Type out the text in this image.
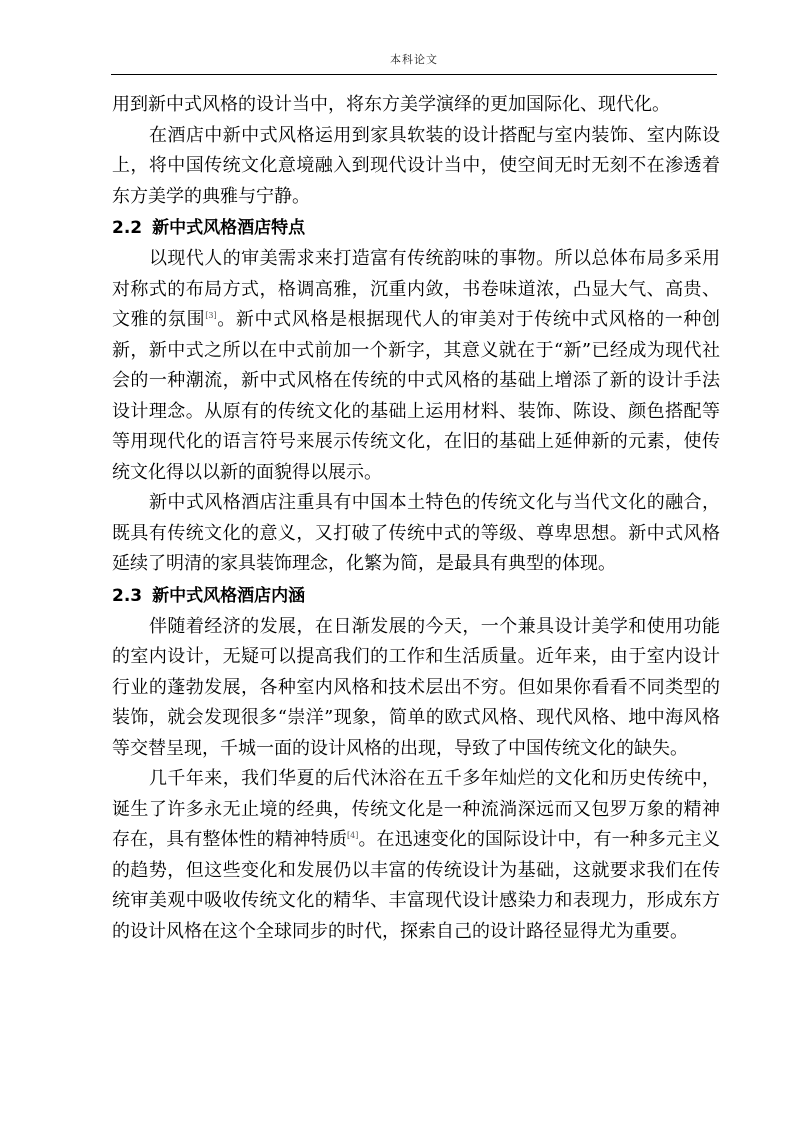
本科论文

用到新中式风格的设计当中，将东方美学演绎的更加国际化、现代化。

在酒店中新中式风格运用到家具软装的设计搭配与室内装饰、室内陈设上，将中国传统文化意境融入到现代设计当中，使空间无时无刻不在渗透着东方美学的典雅与宁静。

2.2 新中式风格酒店特点

以现代人的审美需求来打造富有传统韵味的事物。所以总体布局多采用对称式的布局方式，格调高雅，沉重内敛，书卷味道浓，凸显大气、高贵、文雅的氛围[3]。新中式风格是根据现代人的审美对于传统中式风格的一种创新，新中式之所以在中式前加一个新字，其意义就在于“新”已经成为现代社会的一种潮流，新中式风格在传统的中式风格的基础上增添了新的设计手法设计理念。从原有的传统文化的基础上运用材料、装饰、陈设、颜色搭配等等用现代化的语言符号来展示传统文化，在旧的基础上延伸新的元素，使传统文化得以以新的面貌得以展示。

新中式风格酒店注重具有中国本土特色的传统文化与当代文化的融合，既具有传统文化的意义，又打破了传统中式的等级、尊卑思想。新中式风格延续了明清的家具装饰理念，化繁为简，是最具有典型的体现。

2.3 新中式风格酒店内涵

伴随着经济的发展，在日渐发展的今天，一个兼具设计美学和使用功能的室内设计，无疑可以提高我们的工作和生活质量。近年来，由于室内设计行业的蓬勃发展，各种室内风格和技术层出不穷。但如果你看看不同类型的装饰，就会发现很多“崇洋”现象，简单的欧式风格、现代风格、地中海风格等交替呈现，千城一面的设计风格的出现，导致了中国传统文化的缺失。

几千年来，我们华夏的后代沐浴在五千多年灿烂的文化和历史传统中，诞生了许多永无止境的经典，传统文化是一种流淌深远而又包罗万象的精神存在，具有整体性的精神特质[4]。在迅速变化的国际设计中，有一种多元主义的趋势，但这些变化和发展仍以丰富的传统设计为基础，这就要求我们在传统审美观中吸收传统文化的精华、丰富现代设计感染力和表现力，形成东方的设计风格在这个全球同步的时代，探索自己的设计路径显得尤为重要。
